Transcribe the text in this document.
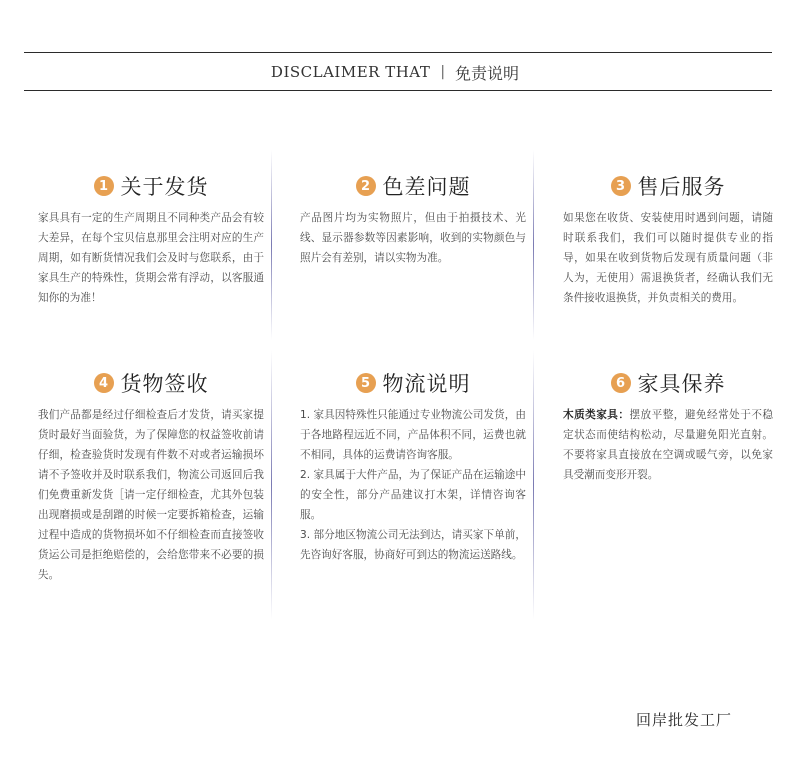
DISCLAIMER THAT | 免责说明
1 关于发货

家具具有一定的生产周期且不同种类产品会有较大差异，在每个宝贝信息那里会注明对应的生产周期，如有断货情况我们会及时与您联系，由于家具生产的特殊性，货期会常有浮动，以客服通知你的为准！

2 色差问题

产品图片均为实物照片，但由于拍摄技术、光线、显示器参数等因素影响，收到的实物颜色与照片会有差别，请以实物为准。

3 售后服务

如果您在收货、安装使用时遇到问题，请随时联系我们，我们可以随时提供专业的指导，如果在收到货物后发现有质量问题（非人为，无使用）需退换货者，经确认我们无条件接收退换货，并负责相关的费用。

4 货物签收

我们产品都是经过仔细检查后才发货，请买家提货时最好当面验货，为了保障您的权益签收前请仔细，检查验货时发现有件数不对或者运输损坏请不予签收并及时联系我们，物流公司返回后我们免费重新发货［请一定仔细检查，尤其外包装出现磨损或是刮蹭的时候一定要拆箱检查，运输过程中造成的货物损坏如不仔细检查而直接签收货运公司是拒绝赔偿的，会给您带来不必要的损失。

5 物流说明

1. 家具因特殊性只能通过专业物流公司发货，由于各地路程远近不同，产品体积不同，运费也就不相同，具体的运费请咨询客服。

2. 家具属于大件产品，为了保证产品在运输途中的安全性，部分产品建议打木架，详情咨询客服。

3. 部分地区物流公司无法到达，请买家下单前，先咨询好客服，协商好可到达的物流运送路线。

6 家具保养

木质类家具：摆放平整，避免经常处于不稳定状态而使结构松动，尽量避免阳光直射。不要将家具直接放在空调或暖气旁，以免家具受潮而变形开裂。

回岸批发工厂
